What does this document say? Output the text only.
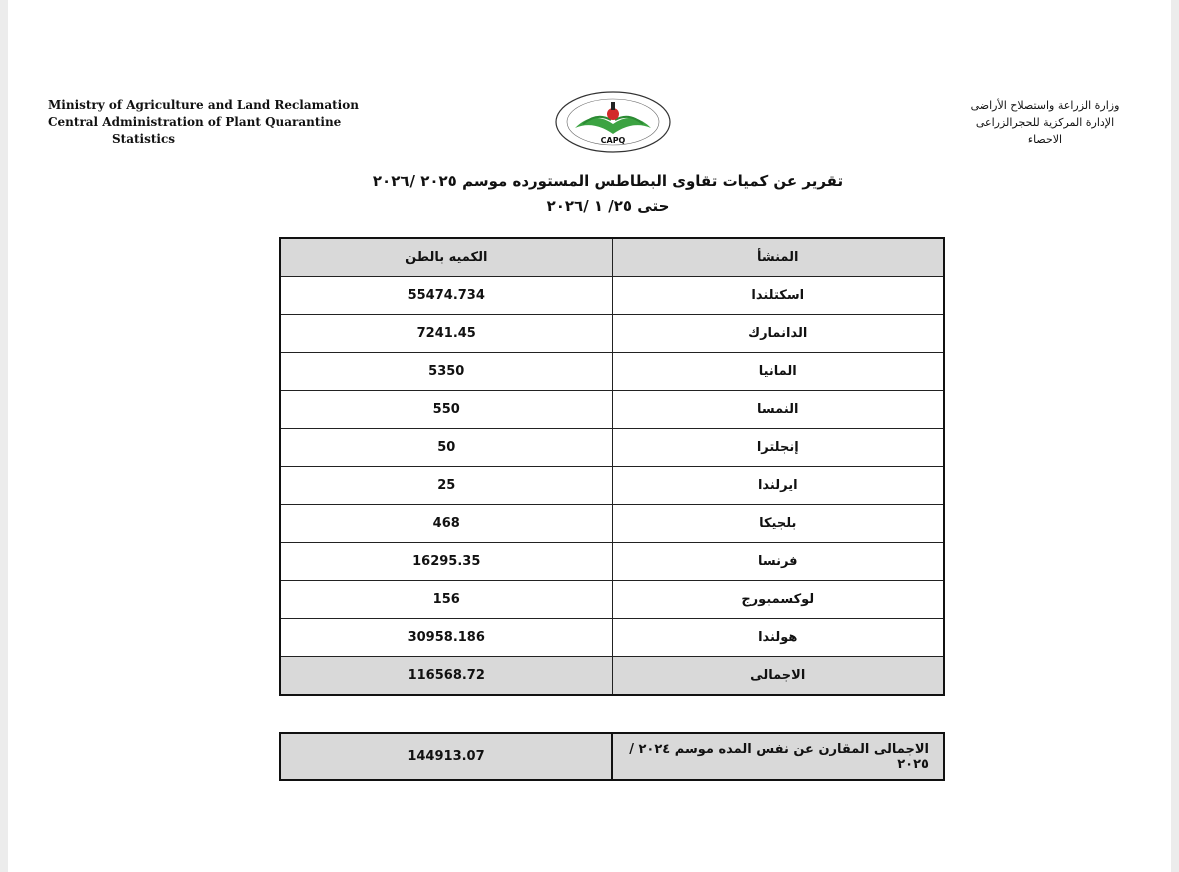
Ministry of Agriculture and Land Reclamation
Central Administration of Plant Quarantine
Statistics	CAPQ
وزارة الزراعة واستصلاح الأراضى
الإدارة المركزية للحجرالزراعى
الاحصاء
تقرير عن كميات تقاوى البطاطس المستورده موسم ٢٠٢٥ /٢٠٢٦
حتى ٢٥/ ١ /٢٠٢٦
المنشأ	الكميه بالطن
اسكتلندا	55474.734
الدانمارك	7241.45
المانيا	5350
النمسا	550
إنجلترا	50
ايرلندا	25
بلجيكا	468
فرنسا	16295.35
لوكسمبورج	156
هولندا	30958.186
الاجمالى	116568.72
الاجمالى المقارن عن نفس المده موسم ٢٠٢٤ / ٢٠٢٥	144913.07
